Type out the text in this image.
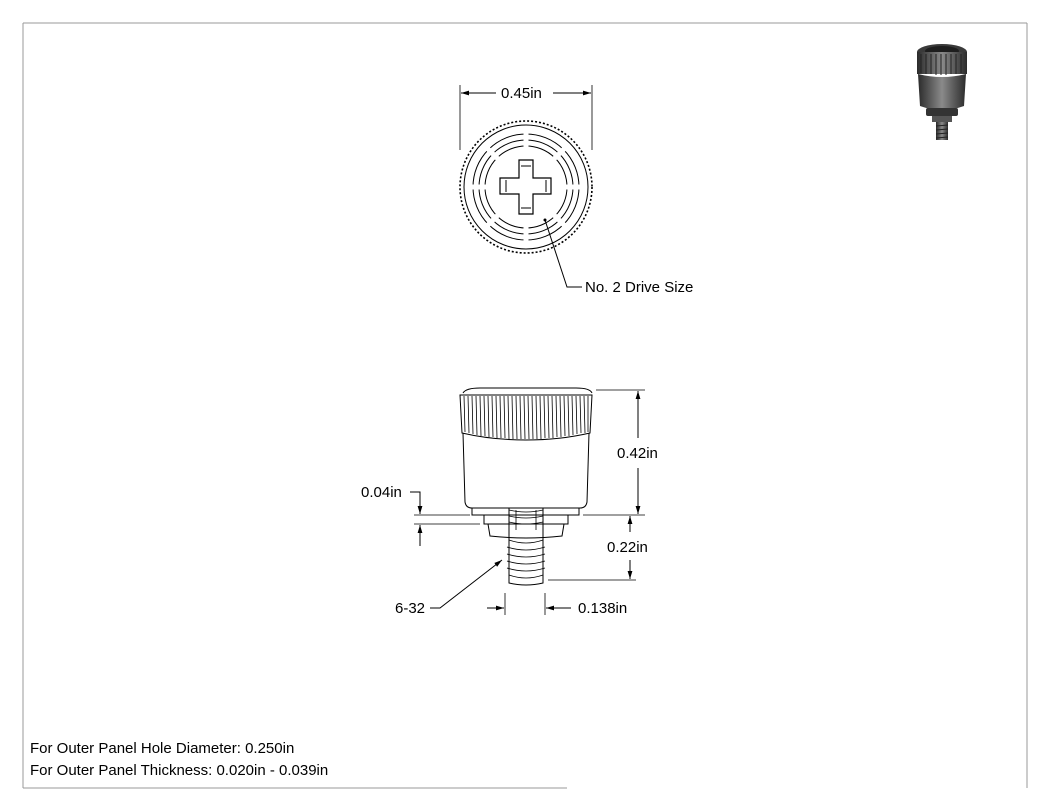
0.45in
No. 2 Drive Size
0.42in
0.04in
0.22in
6-32	0.138in
For Outer Panel Hole Diameter: 0.250in
For Outer Panel Thickness: 0.020in - 0.039in
